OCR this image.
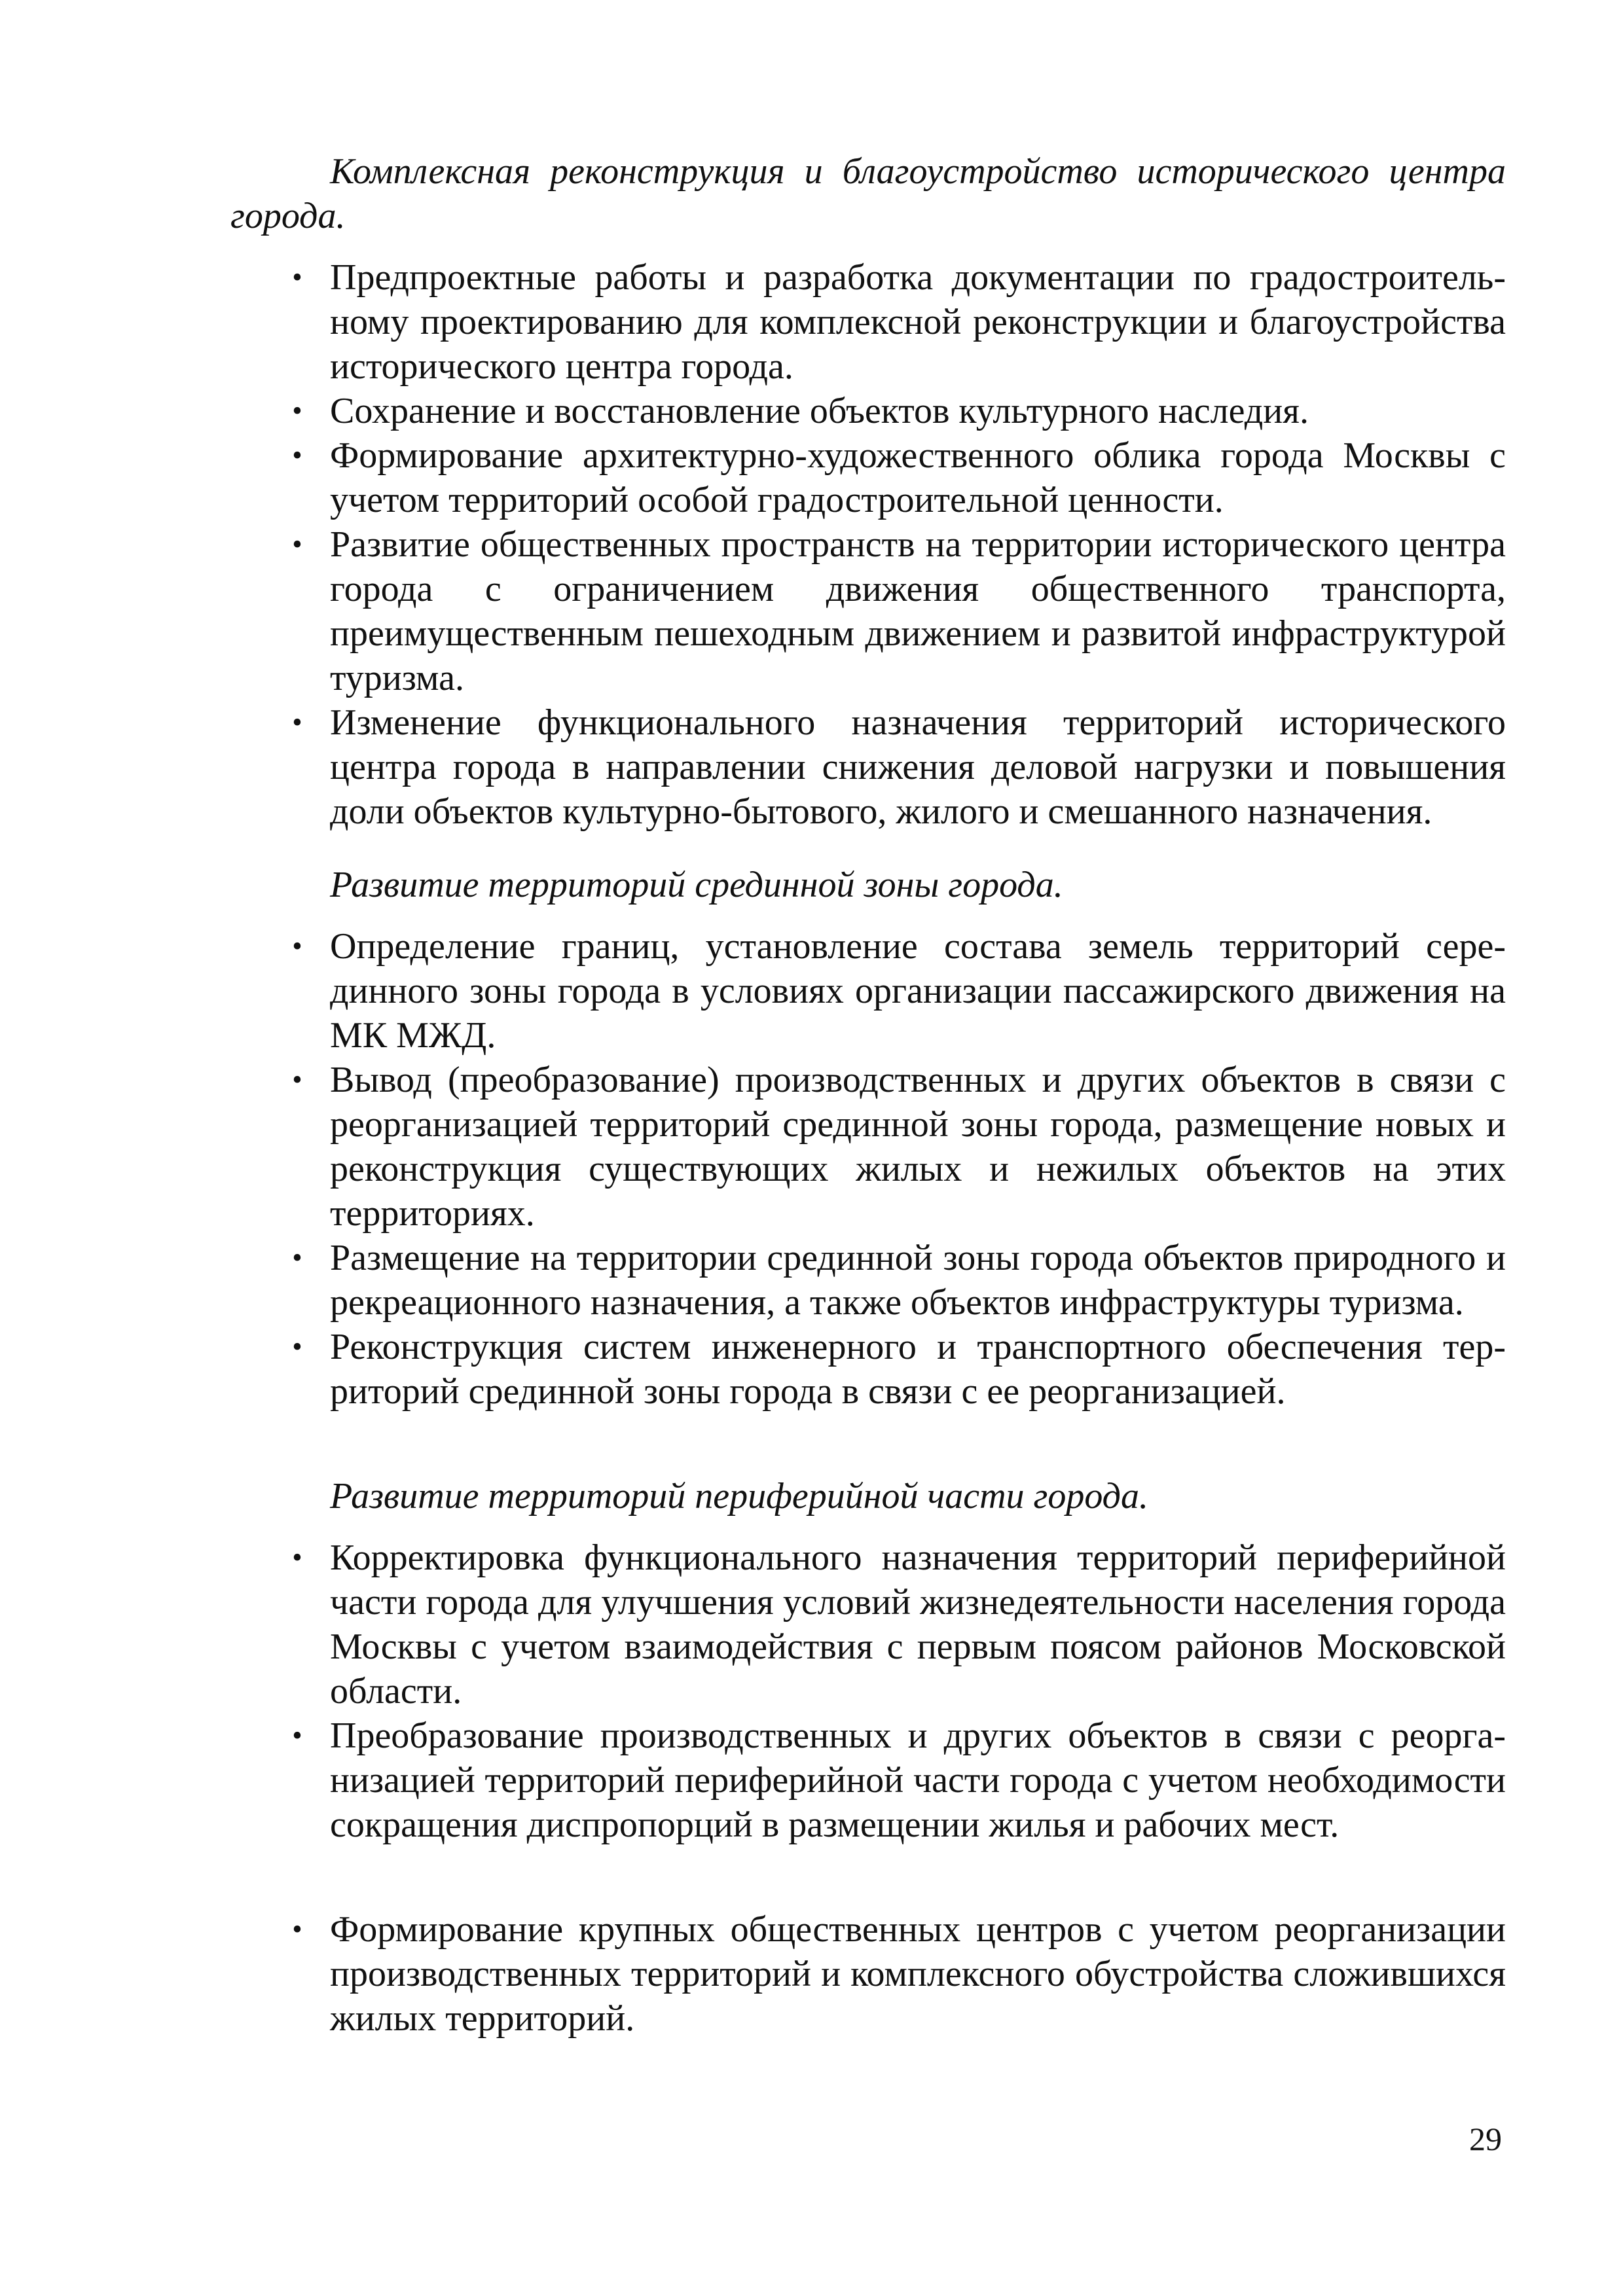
Комплексная реконструкция и благоустройство исторического центра города.

• Предпроектные работы и разработка документации по градостроительному проектированию для комплексной реконструкции и благоустройства исторического центра города.
• Сохранение и восстановление объектов культурного наследия.
• Формирование архитектурно-художественного облика города Москвы с учетом территорий особой градостроительной ценности.
• Развитие общественных пространств на территории исторического центра города с ограничением движения общественного транспорта, преимущественным пешеходным движением и развитой инфраструктурой туризма.
• Изменение функционального назначения территорий исторического центра города в направлении снижения деловой нагрузки и повышения доли объектов культурно-бытового, жилого и смешанного назначения.

Развитие территорий срединной зоны города.

• Определение границ, установление состава земель территорий серединного зоны города в условиях организации пассажирского движения на МК МЖД.
• Вывод (преобразование) производственных и других объектов в связи с реорганизацией территорий срединной зоны города, размещение новых и реконструкция существующих жилых и нежилых объектов на этих территориях.
• Размещение на территории срединной зоны города объектов природного и рекреационного назначения, а также объектов инфраструктуры туризма.
• Реконструкция систем инженерного и транспортного обеспечения территорий срединной зоны города в связи с ее реорганизацией.

Развитие территорий периферийной части города.

• Корректировка функционального назначения территорий периферийной части города для улучшения условий жизнедеятельности населения города Москвы с учетом взаимодействия с первым поясом районов Московской области.
• Преобразование производственных и других объектов в связи с реорганизацией территорий периферийной части города с учетом необходимости сокращения диспропорций в размещении жилья и рабочих мест.
• Формирование крупных общественных центров с учетом реорганизации производственных территорий и комплексного обустройства сложившихся жилых территорий.
29
